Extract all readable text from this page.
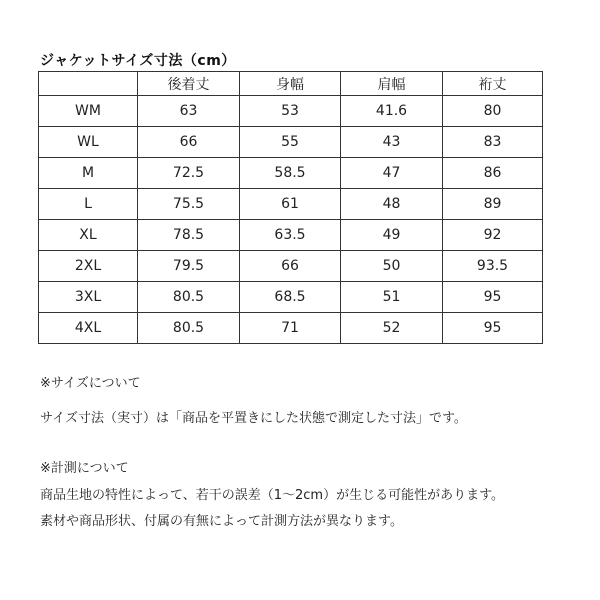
ジャケットサイズ寸法（cm）
	後着丈	身幅	肩幅	裄丈
WM	63	53	41.6	80
WL	66	55	43	83
M	72.5	58.5	47	86
L	75.5	61	48	89
XL	78.5	63.5	49	92
2XL	79.5	66	50	93.5
3XL	80.5	68.5	51	95
4XL	80.5	71	52	95
※サイズについて
サイズ寸法（実寸）は「商品を平置きにした状態で測定した寸法」です。
※計測について
商品生地の特性によって、若干の誤差（1～2cm）が生じる可能性があります。
素材や商品形状、付属の有無によって計測方法が異なります。
